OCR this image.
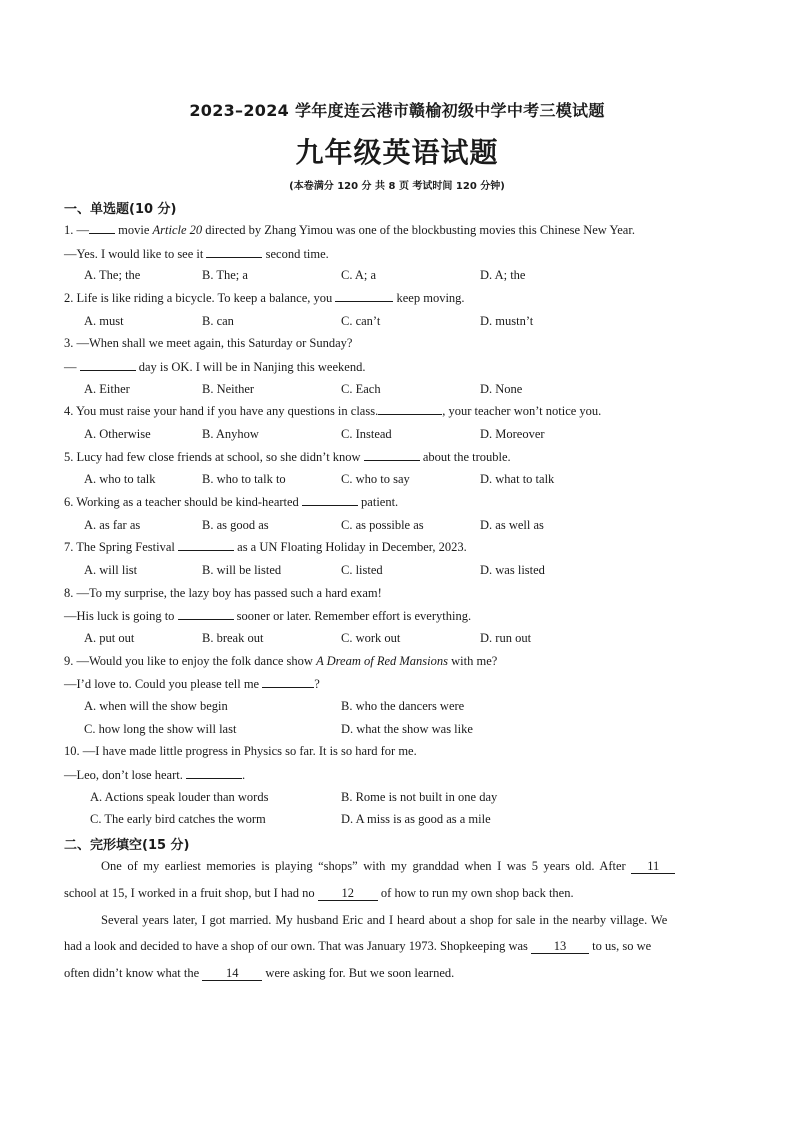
2023–2024 学年度连云港市赣榆初级中学中考三模试题
九年级英语试题
(本卷满分 120 分 共 8 页 考试时间 120 分钟)
一、单选题(10 分)
1. — movie Article 20 directed by Zhang Yimou was one of the blockbusting movies this Chinese New Year.
—Yes. I would like to see it	second time.
A. The; the	B. The; a	C. A; a	D. A; the
2. Life is like riding a bicycle. To keep a balance, you	keep moving.
A. must	B. can	C. can’t	D. mustn’t
3. —When shall we meet again, this Saturday or Sunday?
—	day is OK. I will be in Nanjing this weekend.
A. Either	B. Neither	C. Each	D. None
4. You must raise your hand if you have any questions in class.	, your teacher won’t notice you.
A. Otherwise	B. Anyhow	C. Instead	D. Moreover
5. Lucy had few close friends at school, so she didn’t know	about the trouble.
A. who to talk	B. who to talk to	C. who to say	D. what to talk
6. Working as a teacher should be kind-hearted	patient.
A. as far as	B. as good as	C. as possible as	D. as well as
7. The Spring Festival	as a UN Floating Holiday in December, 2023.
A. will list	B. will be listed	C. listed	D. was listed
8. —To my surprise, the lazy boy has passed such a hard exam!
—His luck is going to	sooner or later. Remember effort is everything.
A. put out	B. break out	C. work out	D. run out
9. —Would you like to enjoy the folk dance show A Dream of Red Mansions with me?
—I’d love to. Could you please tell me	?
A. when will the show begin	B. who the dancers were
C. how long the show will last	D. what the show was like
10. —I have made little progress in Physics so far. It is so hard for me.
—Leo, don’t lose heart.	.
A. Actions speak louder than words	B. Rome is not built in one day
C. The early bird catches the worm	D. A miss is as good as a mile
二、完形填空(15 分)
One of my earliest memories is playing “shops” with my granddad when I was 5 years old. After 11
school at 15, I worked in a fruit shop, but I had no 12 of how to run my own shop back then.
Several years later, I got married. My husband Eric and I heard about a shop for sale in the nearby village. We
had a look and decided to have a shop of our own. That was January 1973. Shopkeeping was 13 to us, so we
often didn’t know what the 14 were asking for. But we soon learned.
